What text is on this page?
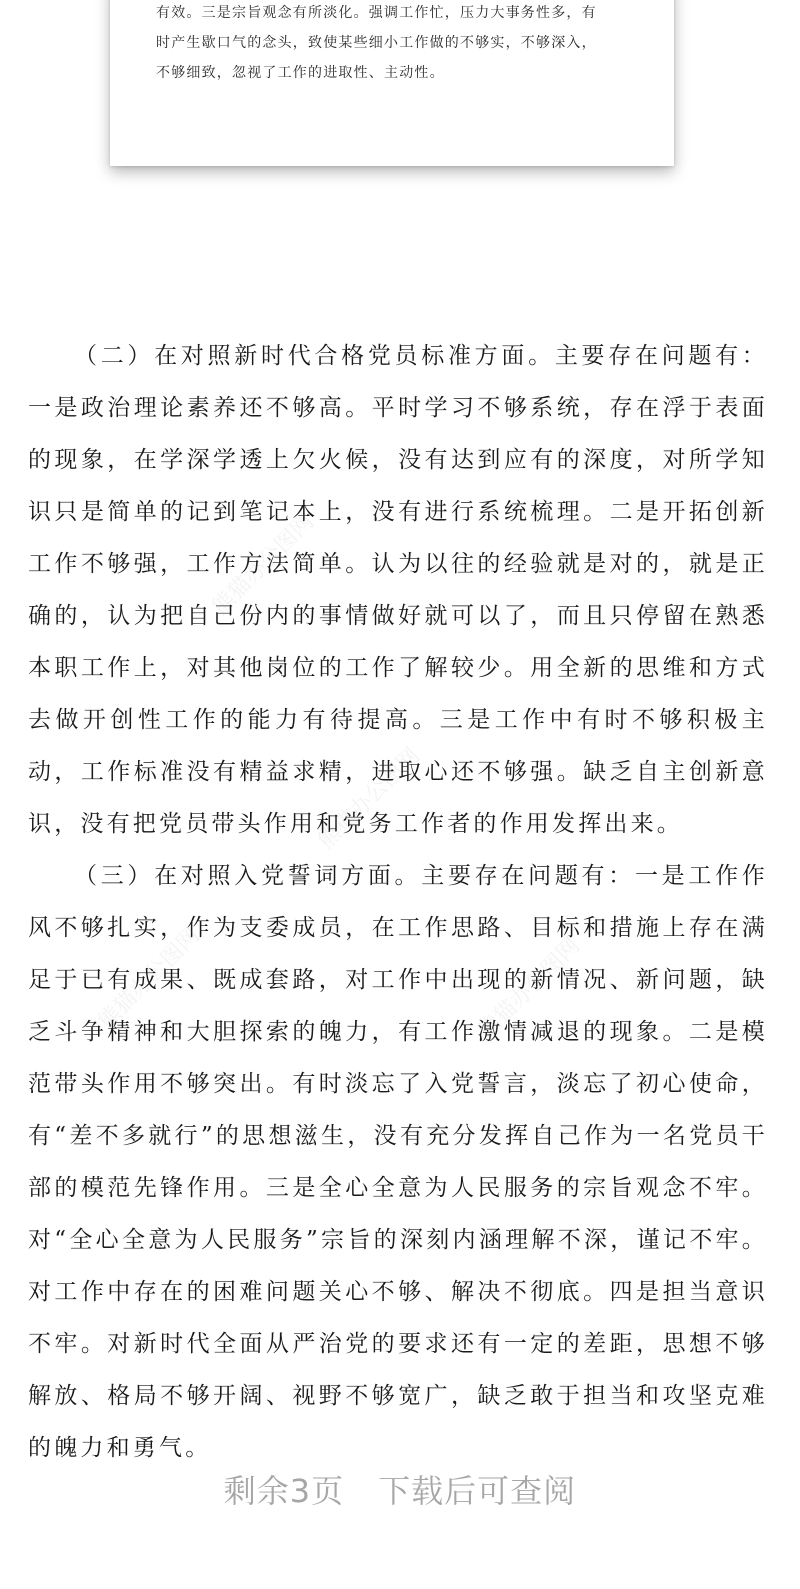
有效。三是宗旨观念有所淡化。强调工作忙，压力大事务性多，有
时产生歇口气的念头，致使某些细小工作做的不够实，不够深入，
不够细致，忽视了工作的进取性、主动性。

（二）在对照新时代合格党员标准方面。主要存在问题有：一是政治理论素养还不够高。平时学习不够系统，存在浮于表面的现象，在学深学透上欠火候，没有达到应有的深度，对所学知识只是简单的记到笔记本上，没有进行系统梳理。二是开拓创新工作不够强，工作方法简单。认为以往的经验就是对的，就是正确的，认为把自己份内的事情做好就可以了，而且只停留在熟悉本职工作上，对其他岗位的工作了解较少。用全新的思维和方式去做开创性工作的能力有待提高。三是工作中有时不够积极主动，工作标准没有精益求精，进取心还不够强。缺乏自主创新意识，没有把党员带头作用和党务工作者的作用发挥出来。

（三）在对照入党誓词方面。主要存在问题有：一是工作作风不够扎实，作为支委成员，在工作思路、目标和措施上存在满足于已有成果、既成套路，对工作中出现的新情况、新问题，缺乏斗争精神和大胆探索的魄力，有工作激情减退的现象。二是模范带头作用不够突出。有时淡忘了入党誓言，淡忘了初心使命，有“差不多就行”的思想滋生，没有充分发挥自己作为一名党员干部的模范先锋作用。三是全心全意为人民服务的宗旨观念不牢。对“全心全意为人民服务”宗旨的深刻内涵理解不深，谨记不牢。对工作中存在的困难问题关心不够、解决不彻底。四是担当意识不牢。对新时代全面从严治党的要求还有一定的差距，思想不够解放、格局不够开阔、视野不够宽广，缺乏敢于担当和攻坚克难的魄力和勇气。

熊猫办公图网
熊猫办公图网
熊猫办公图网	熊猫办公图网
剩余3页 下载后可查阅
